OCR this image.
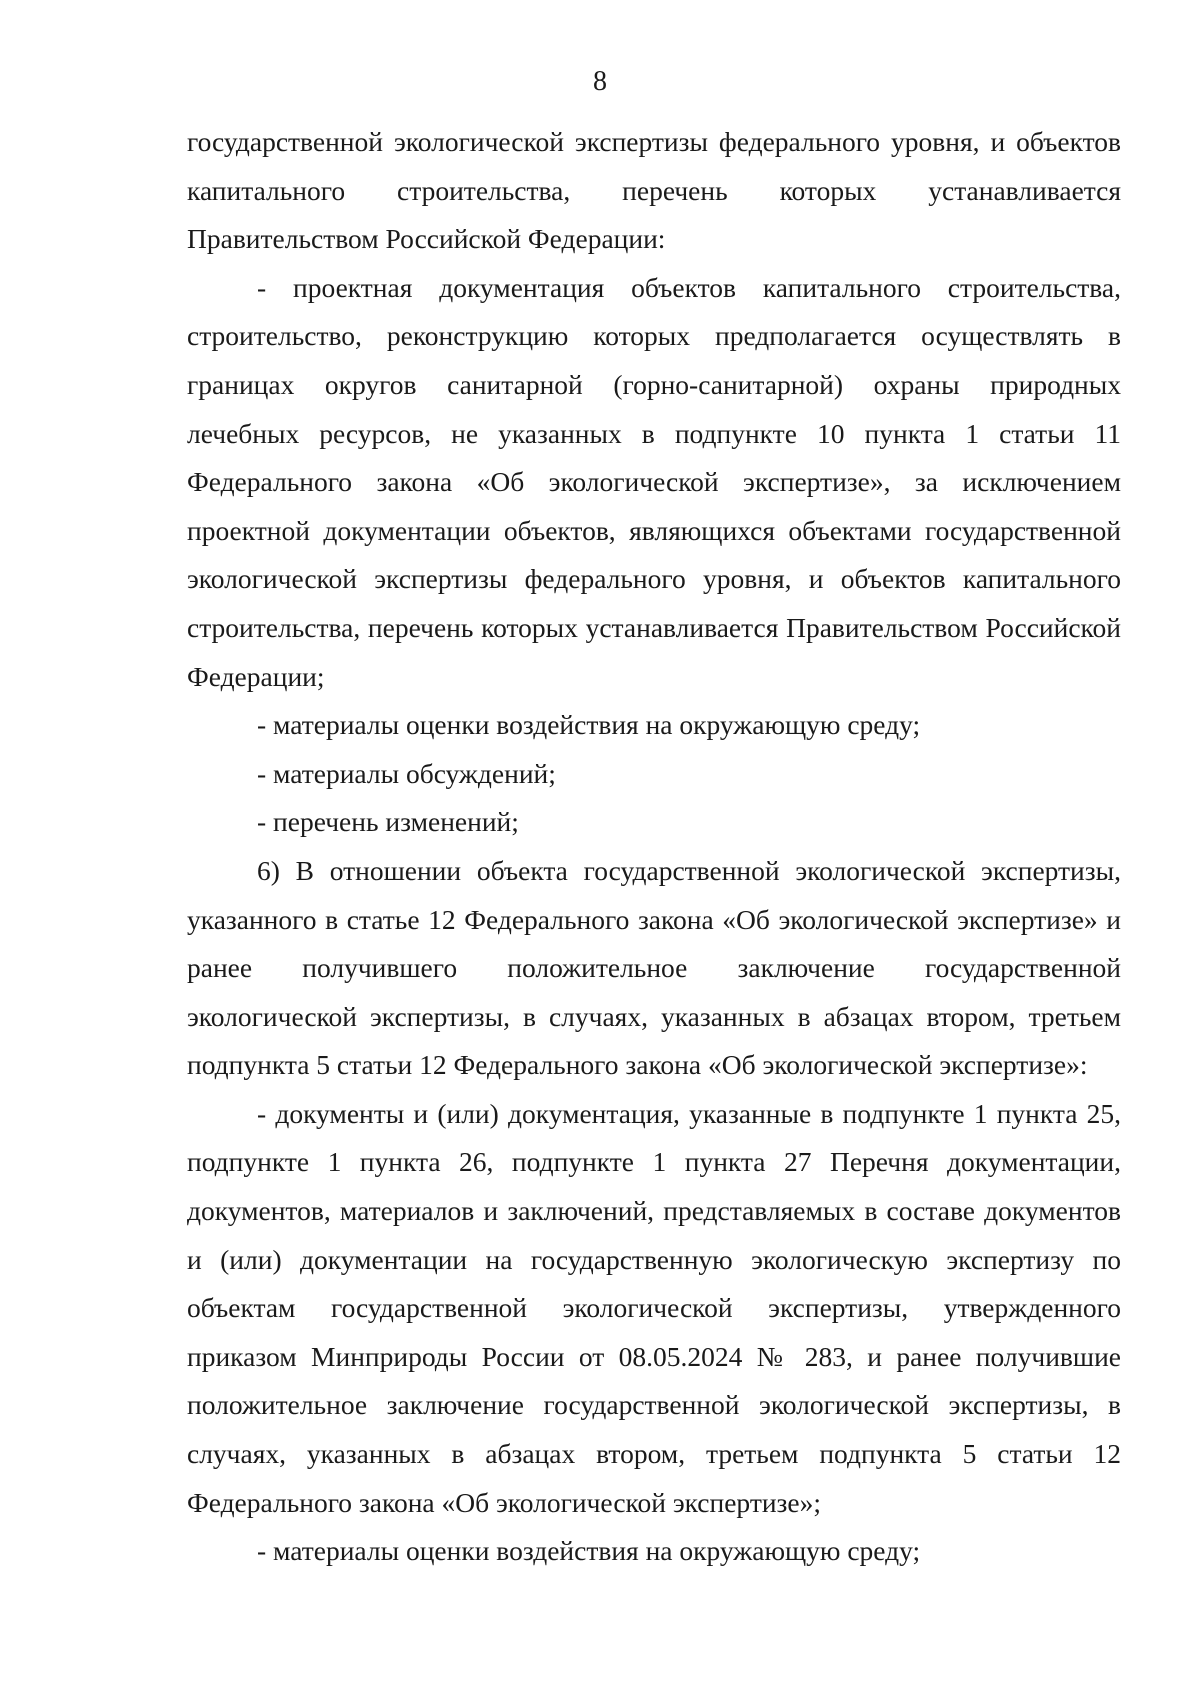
8

государственной экологической экспертизы федерального уровня, и объектов капитального строительства, перечень которых устанавливается Правительством Российской Федерации:

- проектная документация объектов капитального строительства, строительство, реконструкцию которых предполагается осуществлять в границах округов санитарной (горно-санитарной) охраны природных лечебных ресурсов, не указанных в подпункте 10 пункта 1 статьи 11 Федерального закона «Об экологической экспертизе», за исключением проектной документации объектов, являющихся объектами государственной экологической экспертизы федерального уровня, и объектов капитального строительства, перечень которых устанавливается Правительством Российской Федерации;

- материалы оценки воздействия на окружающую среду;

- материалы обсуждений;

- перечень изменений;

6) В отношении объекта государственной экологической экспертизы, указанного в статье 12 Федерального закона «Об экологической экспертизе» и ранее получившего положительное заключение государственной экологической экспертизы, в случаях, указанных в абзацах втором, третьем подпункта 5 статьи 12 Федерального закона «Об экологической экспертизе»:

- документы и (или) документация, указанные в подпункте 1 пункта 25, подпункте 1 пункта 26, подпункте 1 пункта 27 Перечня документации, документов, материалов и заключений, представляемых в составе документов и (или) документации на государственную экологическую экспертизу по объектам государственной экологической экспертизы, утвержденного приказом Минприроды России от 08.05.2024 № 283, и ранее получившие положительное заключение государственной экологической экспертизы, в случаях, указанных в абзацах втором, третьем подпункта 5 статьи 12 Федерального закона «Об экологической экспертизе»;

- материалы оценки воздействия на окружающую среду;
